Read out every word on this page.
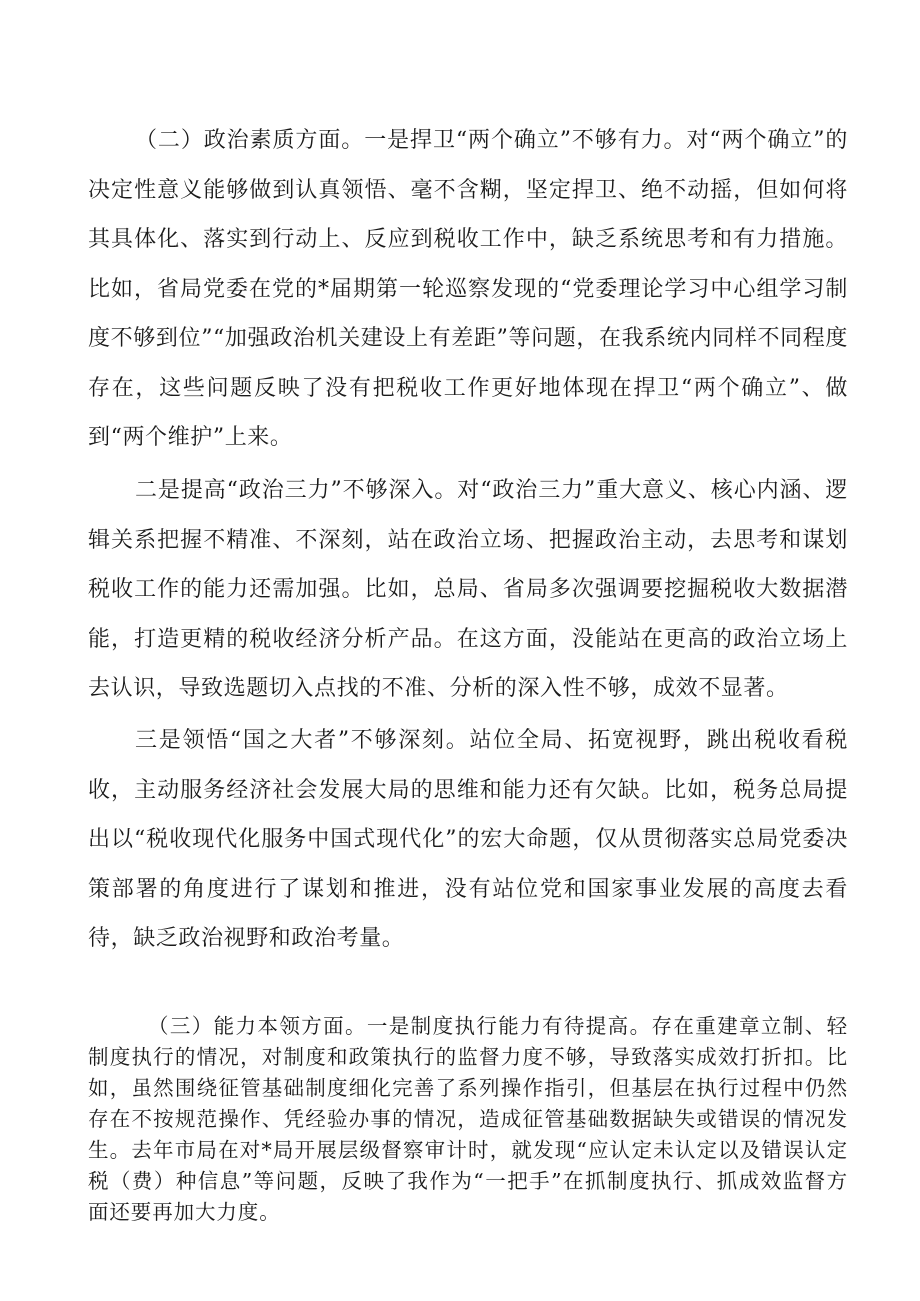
（二）政治素质方面。一是捍卫“两个确立”不够有力。对“两个确立”的决定性意义能够做到认真领悟、毫不含糊，坚定捍卫、绝不动摇，但如何将其具体化、落实到行动上、反应到税收工作中，缺乏系统思考和有力措施。比如，省局党委在党的*届期第一轮巡察发现的“党委理论学习中心组学习制度不够到位”“加强政治机关建设上有差距”等问题，在我系统内同样不同程度存在，这些问题反映了没有把税收工作更好地体现在捍卫“两个确立”、做到“两个维护”上来。

二是提高“政治三力”不够深入。对“政治三力”重大意义、核心内涵、逻辑关系把握不精准、不深刻，站在政治立场、把握政治主动，去思考和谋划税收工作的能力还需加强。比如，总局、省局多次强调要挖掘税收大数据潜能，打造更精的税收经济分析产品。在这方面，没能站在更高的政治立场上去认识，导致选题切入点找的不准、分析的深入性不够，成效不显著。

三是领悟“国之大者”不够深刻。站位全局、拓宽视野，跳出税收看税收，主动服务经济社会发展大局的思维和能力还有欠缺。比如，税务总局提出以“税收现代化服务中国式现代化”的宏大命题，仅从贯彻落实总局党委决策部署的角度进行了谋划和推进，没有站位党和国家事业发展的高度去看待，缺乏政治视野和政治考量。

（三）能力本领方面。一是制度执行能力有待提高。存在重建章立制、轻制度执行的情况，对制度和政策执行的监督力度不够，导致落实成效打折扣。比如，虽然围绕征管基础制度细化完善了系列操作指引，但基层在执行过程中仍然存在不按规范操作、凭经验办事的情况，造成征管基础数据缺失或错误的情况发生。去年市局在对*局开展层级督察审计时，就发现“应认定未认定以及错误认定税（费）种信息”等问题，反映了我作为“一把手”在抓制度执行、抓成效监督方面还要再加大力度。
